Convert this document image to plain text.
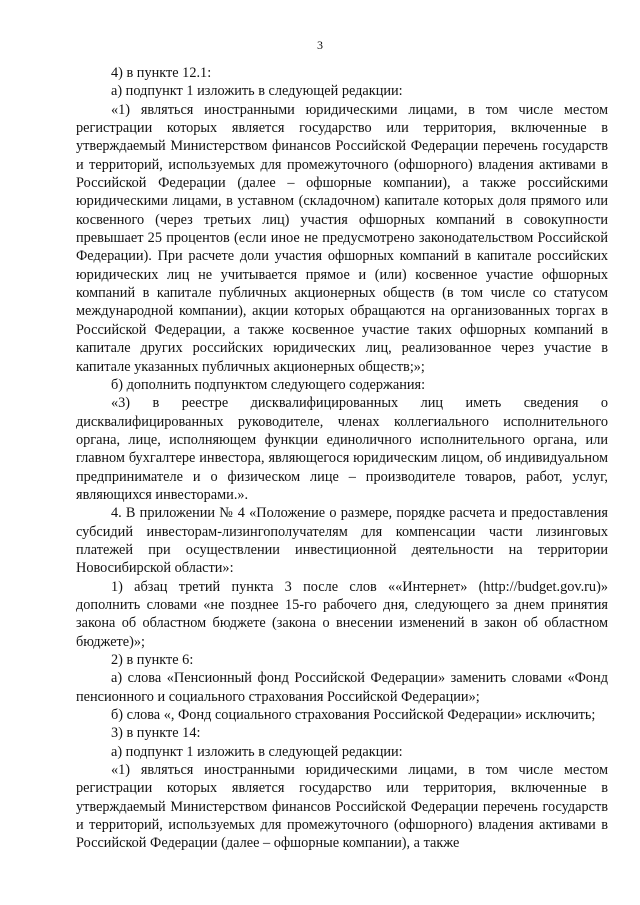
3

4) в пункте 12.1:

а) подпункт 1 изложить в следующей редакции:

«1) являться иностранными юридическими лицами, в том числе местом регистрации которых является государство или территория, включенные в утверждаемый Министерством финансов Российской Федерации перечень государств и территорий, используемых для промежуточного (офшорного) владения активами в Российской Федерации (далее – офшорные компании), а также российскими юридическими лицами, в уставном (складочном) капитале которых доля прямого или косвенного (через третьих лиц) участия офшорных компаний в совокупности превышает 25 процентов (если иное не предусмотрено законодательством Российской Федерации). При расчете доли участия офшорных компаний в капитале российских юридических лиц не учитывается прямое и (или) косвенное участие офшорных компаний в капитале публичных акционерных обществ (в том числе со статусом международной компании), акции которых обращаются на организованных торгах в Российской Федерации, а также косвенное участие таких офшорных компаний в капитале других российских юридических лиц, реализованное через участие в капитале указанных публичных акционерных обществ;»;

б) дополнить подпунктом следующего содержания:

«3) в реестре дисквалифицированных лиц иметь сведения о дисквалифицированных руководителе, членах коллегиального исполнительного органа, лице, исполняющем функции единоличного исполнительного органа, или главном бухгалтере инвестора, являющегося юридическим лицом, об индивидуальном предпринимателе и о физическом лице – производителе товаров, работ, услуг, являющихся инвесторами.».

4. В приложении № 4 «Положение о размере, порядке расчета и предоставления субсидий инвесторам-лизингополучателям для компенсации части лизинговых платежей при осуществлении инвестиционной деятельности на территории Новосибирской области»:

1) абзац третий пункта 3 после слов ««Интернет» (http://budget.gov.ru)» дополнить словами «не позднее 15-го рабочего дня, следующего за днем принятия закона об областном бюджете (закона о внесении изменений в закон об областном бюджете)»;

2) в пункте 6:

а) слова «Пенсионный фонд Российской Федерации» заменить словами «Фонд пенсионного и социального страхования Российской Федерации»;

б) слова «, Фонд социального страхования Российской Федерации» исключить;

3) в пункте 14:

а) подпункт 1 изложить в следующей редакции:

«1) являться иностранными юридическими лицами, в том числе местом регистрации которых является государство или территория, включенные в утверждаемый Министерством финансов Российской Федерации перечень государств и территорий, используемых для промежуточного (офшорного) владения активами в Российской Федерации (далее – офшорные компании), а также
